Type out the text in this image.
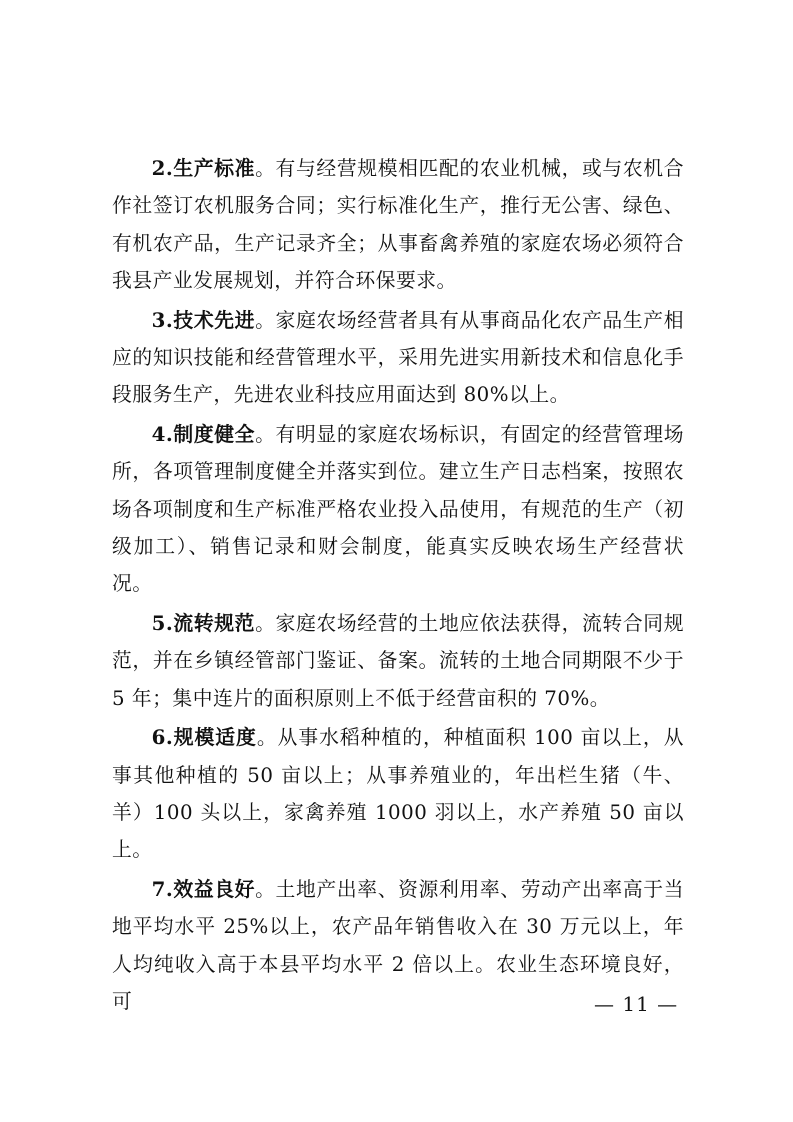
2.生产标准。有与经营规模相匹配的农业机械，或与农机合作社签订农机服务合同；实行标准化生产，推行无公害、绿色、有机农产品，生产记录齐全；从事畜禽养殖的家庭农场必须符合我县产业发展规划，并符合环保要求。

3.技术先进。家庭农场经营者具有从事商品化农产品生产相应的知识技能和经营管理水平，采用先进实用新技术和信息化手段服务生产，先进农业科技应用面达到 80%以上。

4.制度健全。有明显的家庭农场标识，有固定的经营管理场所，各项管理制度健全并落实到位。建立生产日志档案，按照农场各项制度和生产标准严格农业投入品使用，有规范的生产（初级加工）、销售记录和财会制度，能真实反映农场生产经营状况。

5.流转规范。家庭农场经营的土地应依法获得，流转合同规范，并在乡镇经管部门鉴证、备案。流转的土地合同期限不少于 5 年；集中连片的面积原则上不低于经营亩积的 70%。

6.规模适度。从事水稻种植的，种植面积 100 亩以上，从事其他种植的 50 亩以上；从事养殖业的，年出栏生猪（牛、羊）100 头以上，家禽养殖 1000 羽以上，水产养殖 50 亩以上。

7.效益良好。土地产出率、资源利用率、劳动产出率高于当地平均水平 25%以上，农产品年销售收入在 30 万元以上，年人均纯收入高于本县平均水平 2 倍以上。农业生态环境良好，可	— 11 —
